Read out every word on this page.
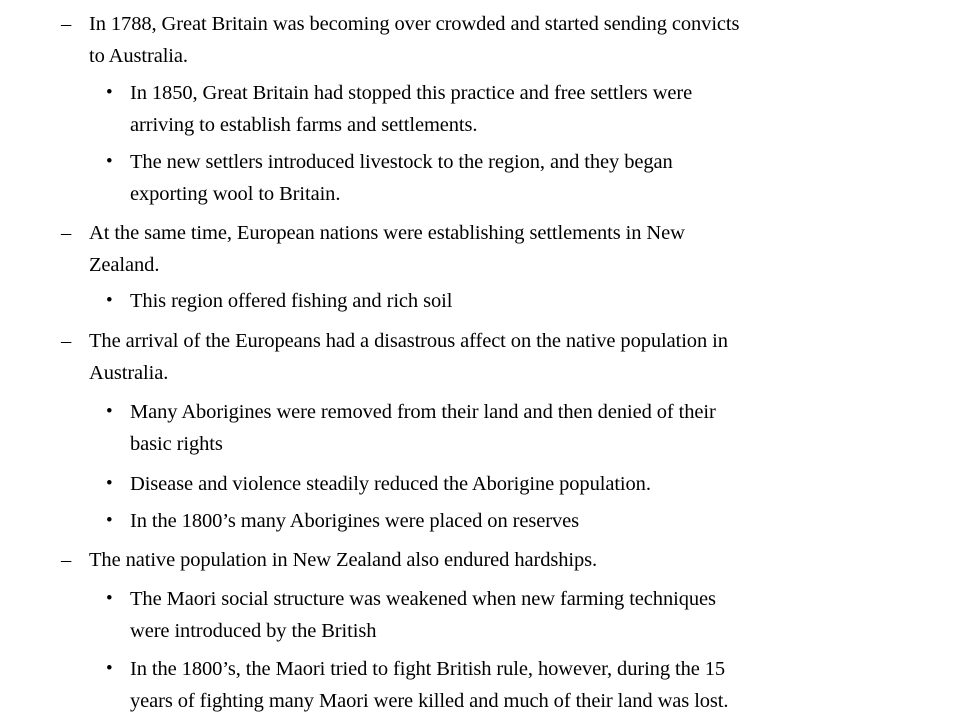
– In 1788, Great Britain was becoming over crowded and started sending convicts
to Australia.
• In 1850, Great Britain had stopped this practice and free settlers were
arriving to establish farms and settlements.
• The new settlers introduced livestock to the region, and they began
exporting wool to Britain.
– At the same time, European nations were establishing settlements in New
Zealand.
• This region offered fishing and rich soil
– The arrival of the Europeans had a disastrous affect on the native population in
Australia.
• Many Aborigines were removed from their land and then denied of their
basic rights
• Disease and violence steadily reduced the Aborigine population.
• In the 1800’s many Aborigines were placed on reserves
– The native population in New Zealand also endured hardships.
• The Maori social structure was weakened when new farming techniques
were introduced by the British
• In the 1800’s, the Maori tried to fight British rule, however, during the 15
years of fighting many Maori were killed and much of their land was lost.
